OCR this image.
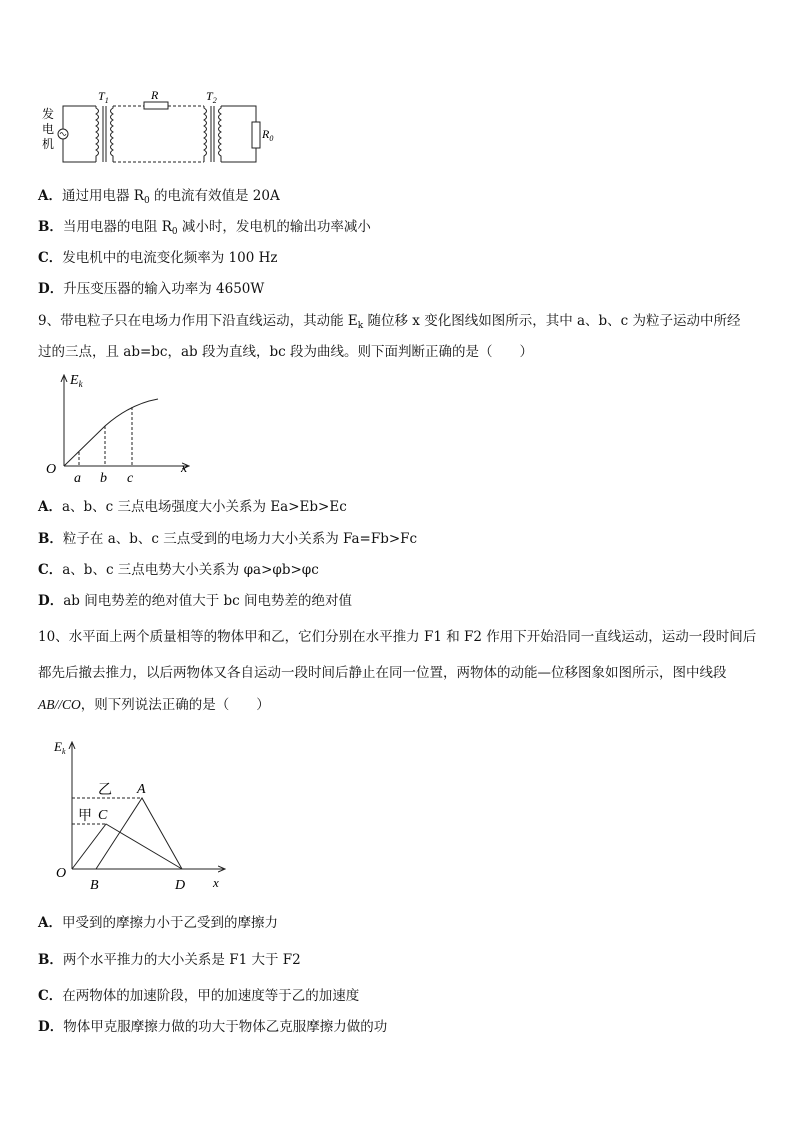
发
电
机
$T_1$	R	$T_2$
$R_0$
A．通过用电器 $R_0$ 的电流有效值是 20A
B．当用电器的电阻 $R_0$ 减小时，发电机的输出功率减小
C．发电机中的电流变化频率为 100 Hz
D．升压变压器的输入功率为 4650W
9、带电粒子只在电场力作用下沿直线运动，其动能 $E_k$ 随位移 x 变化图线如图所示，其中 a、b、c 为粒子运动中所经
过的三点，且 ab=bc，ab 段为直线，bc 段为曲线。则下面判断正确的是（　　）
$E_k$
x
O
a b c
A．a、b、c 三点电场强度大小关系为 Ea>Eb>Ec
B．粒子在 a、b、c 三点受到的电场力大小关系为 Fa=Fb>Fc
C．a、b、c 三点电势大小关系为 φa>φb>φc
D．ab 间电势差的绝对值大于 bc 间电势差的绝对值
10、水平面上两个质量相等的物体甲和乙，它们分别在水平推力 F1 和 F2 作用下开始沿同一直线运动，运动一段时间后
都先后撤去推力，以后两物体又各自运动一段时间后静止在同一位置，两物体的动能—位移图象如图所示，图中线段
AB//CO，则下列说法正确的是（　　）
$E_k$
x
O
乙
甲
A
C
B	D
A．甲受到的摩擦力小于乙受到的摩擦力
B．两个水平推力的大小关系是 F1 大于 F2
C．在两物体的加速阶段，甲的加速度等于乙的加速度
D．物体甲克服摩擦力做的功大于物体乙克服摩擦力做的功
